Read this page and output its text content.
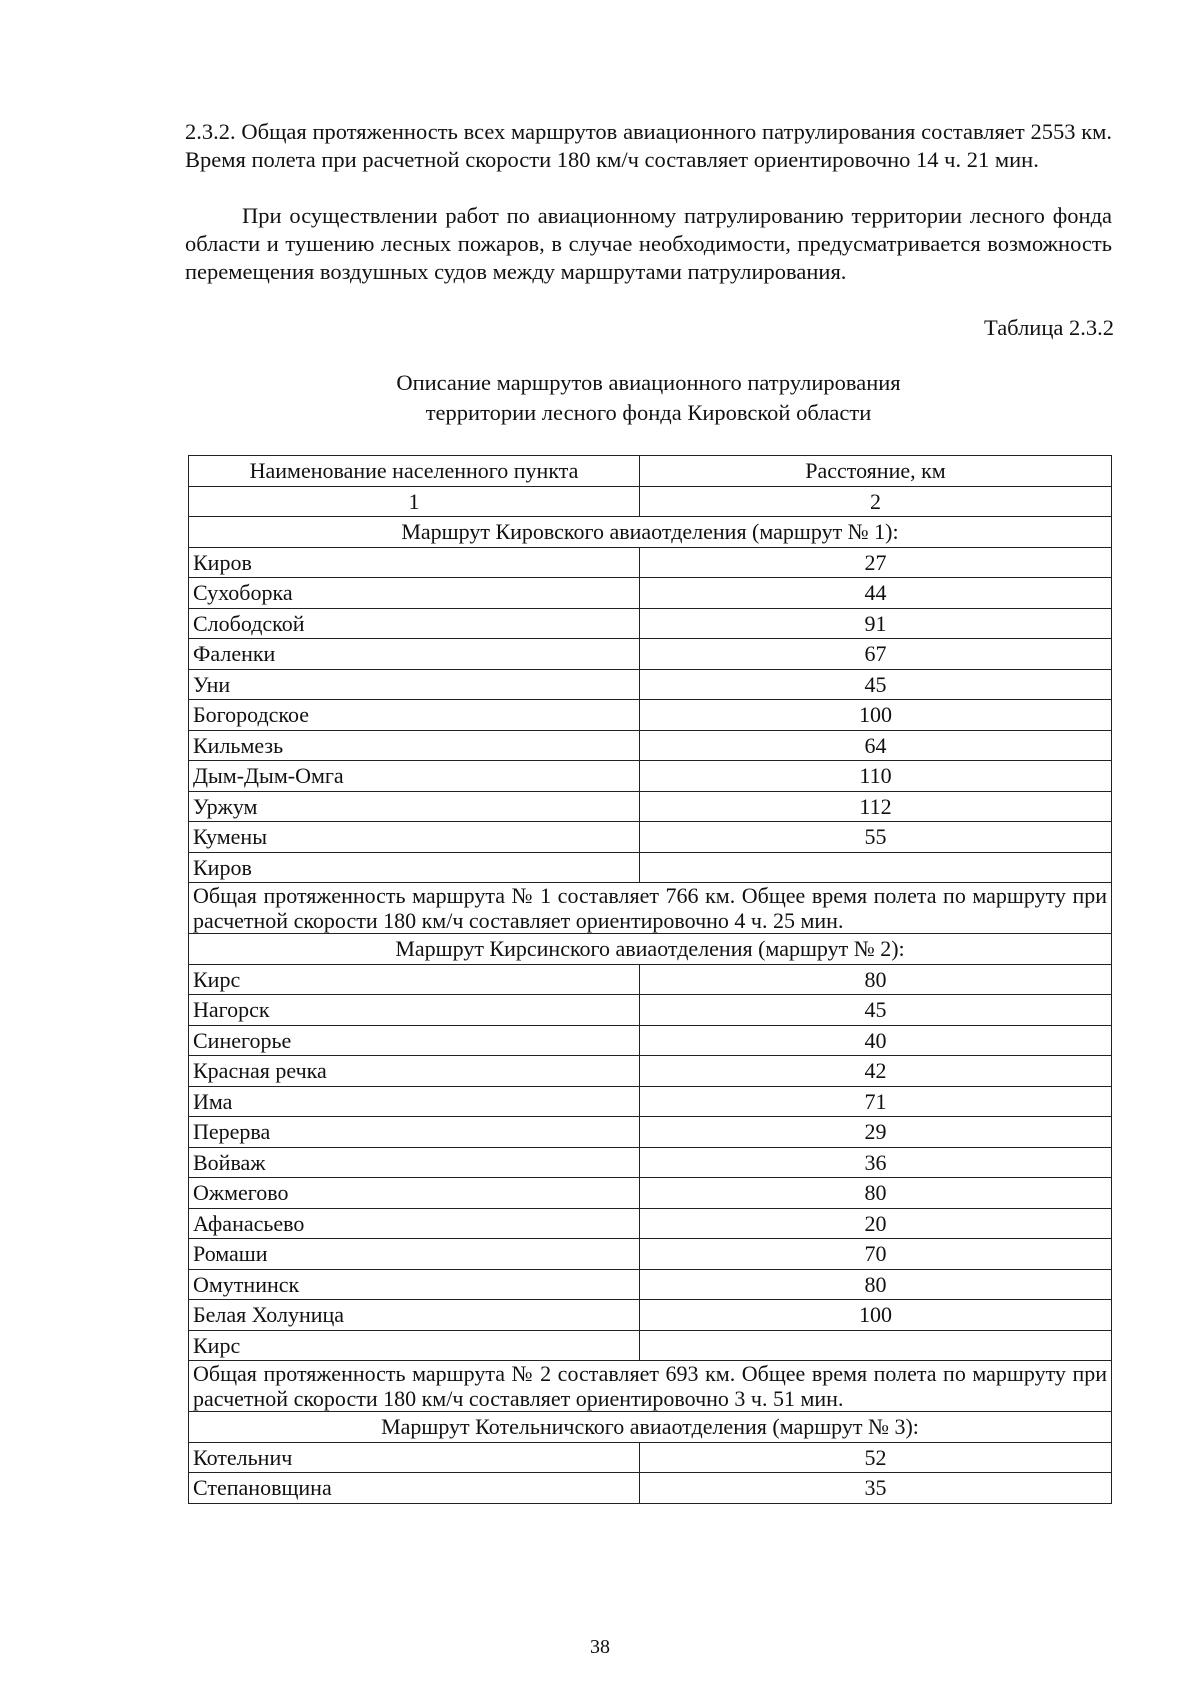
2.3.2. Общая протяженность всех маршрутов авиационного патрулирования составляет 2553 км. Время полета при расчетной скорости 180 км/ч составляет ориентировочно 14 ч. 21 мин.

При осуществлении работ по авиационному патрулированию территории лесного фонда области и тушению лесных пожаров, в случае необходимости, предусматривается возможность перемещения воздушных судов между маршрутами патрулирования.

Таблица 2.3.2
Описание маршрутов авиационного патрулирования
территории лесного фонда Кировской области
Наименование населенного пункта	Расстояние, км
1	2
Маршрут Кировского авиаотделения (маршрут № 1):	
Киров	27
Сухоборка	44
Слободской	91
Фаленки	67
Уни	45
Богородское	100
Кильмезь	64
Дым-Дым-Омга	110
Уржум	112
Кумены	55
Киров	
Общая протяженность маршрута № 1 составляет 766 км. Общее время полета по маршруту при расчетной скорости 180 км/ч составляет ориентировочно 4 ч. 25 мин.	
Маршрут Кирсинского авиаотделения (маршрут № 2):	
Кирс	80
Нагорск	45
Синегорье	40
Красная речка	42
Има	71
Перерва	29
Войваж	36
Ожмегово	80
Афанасьево	20
Ромаши	70
Омутнинск	80
Белая Холуница	100
Кирс	
Общая протяженность маршрута № 2 составляет 693 км. Общее время полета по маршруту при расчетной скорости 180 км/ч составляет ориентировочно 3 ч. 51 мин.	
Маршрут Котельничского авиаотделения (маршрут № 3):	
Котельнич	52
Степановщина	35
38
